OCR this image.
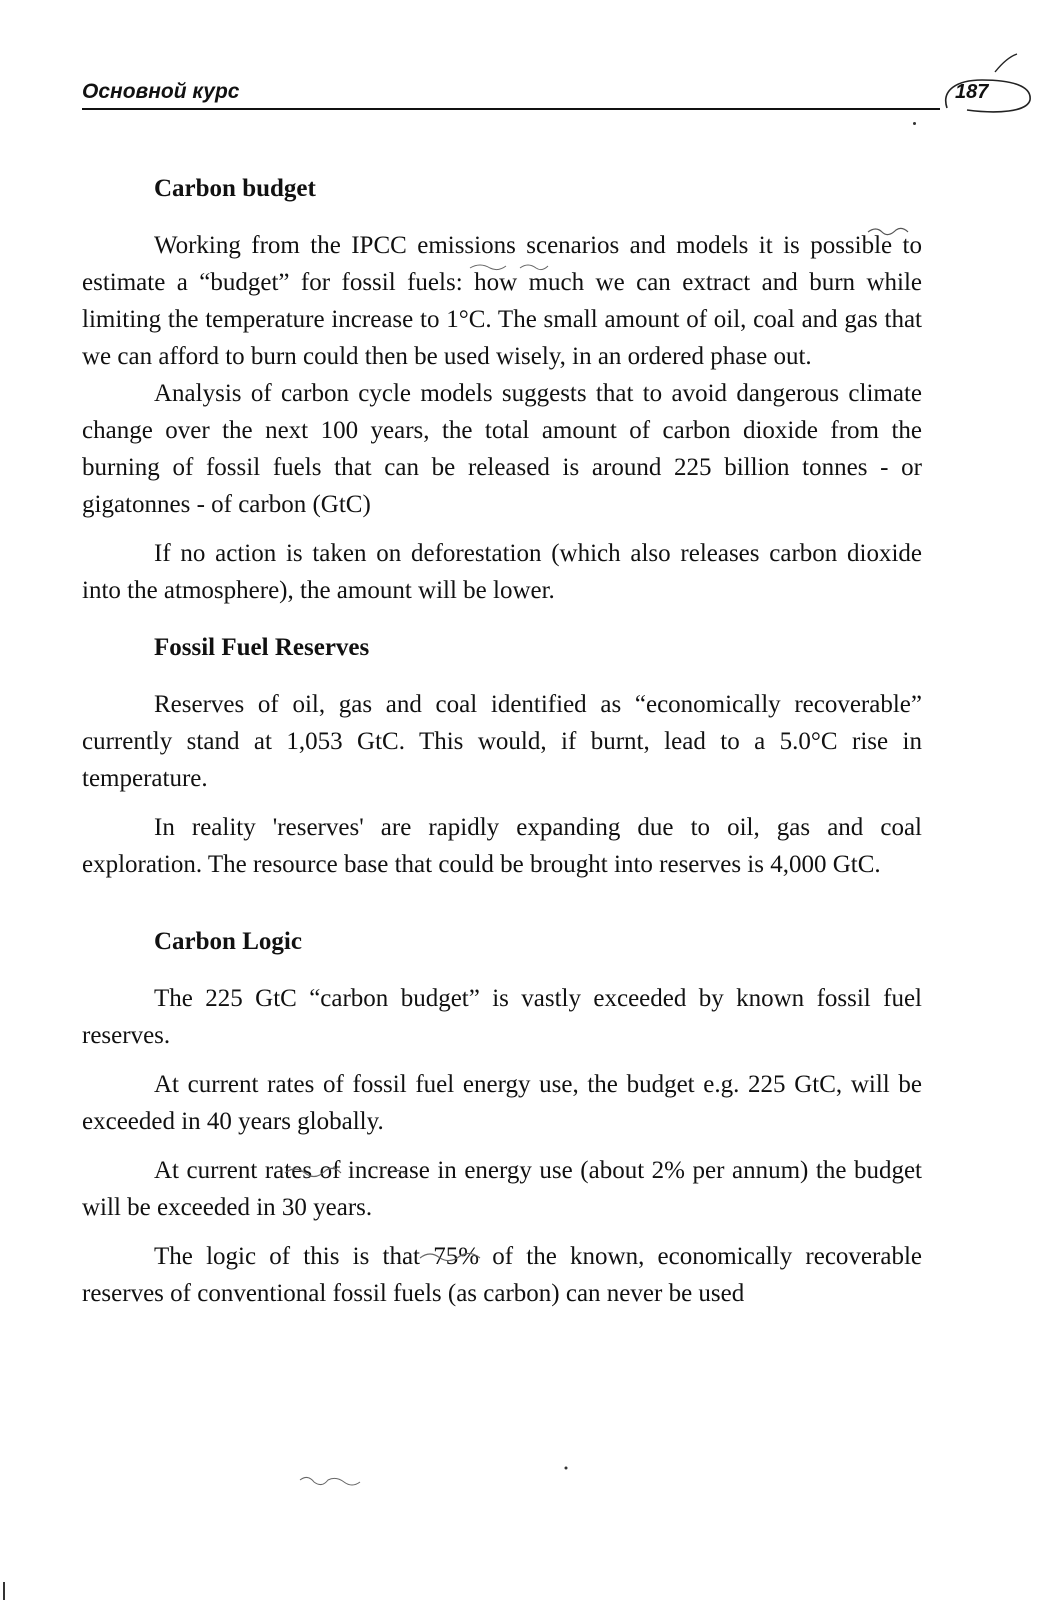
Основной курс	187
Carbon budget

Working from the IPCC emissions scenarios and models it is possible to estimate a “budget” for fossil fuels: how much we can extract and burn while limiting the temperature increase to 1°C. The small amount of oil, coal and gas that we can afford to burn could then be used wisely, in an ordered phase out.

Analysis of carbon cycle models suggests that to avoid dangerous climate change over the next 100 years, the total amount of carbon dioxide from the burning of fossil fuels that can be released is around 225 billion tonnes - or gigatonnes - of carbon (GtC)

If no action is taken on deforestation (which also releases carbon dioxide into the atmosphere), the amount will be lower.

Fossil Fuel Reserves

Reserves of oil, gas and coal identified as “economically recoverable” currently stand at 1,053 GtC. This would, if burnt, lead to a 5.0°C rise in temperature.

In reality 'reserves' are rapidly expanding due to oil, gas and coal exploration. The resource base that could be brought into reserves is 4,000 GtC.

Carbon Logic

The 225 GtC “carbon budget” is vastly exceeded by known fossil fuel reserves.

At current rates of fossil fuel energy use, the budget e.g. 225 GtC, will be exceeded in 40 years globally.

At current rates of increase in energy use (about 2% per annum) the budget will be exceeded in 30 years.

The logic of this is that 75% of the known, economically recoverable reserves of conventional fossil fuels (as carbon) can never be used
